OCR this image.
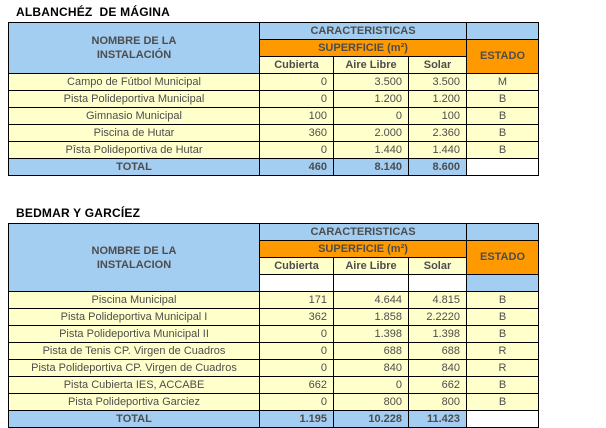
ALBANCHÉZ  DE MÁGINA
NOMBRE DE LA
INSTALACIÓN	CARACTERISTICAS			
	SUPERFICIE (m²)			ESTADO
	Cubierta	Aire Libre	Solar	
Campo de Fútbol Municipal	0	3.500	3.500	M
Pista Polideportiva Municipal	0	1.200	1.200	B
Gimnasio Municipal	100	0	100	B
Piscina de Hutar	360	2.000	2.360	B
Pîsta Polideportiva de Hutar	0	1.440	1.440	B
TOTAL	460	8.140	8.600	
BEDMAR Y GARCÍEZ
NOMBRE DE LA
INSTALACION	CARACTERISTICAS			
	SUPERFICIE (m²)			ESTADO
	Cubierta	Aire Libre	Solar	

Piscina Municipal	171	4.644	4.815	B
Pista Polideportiva Municipal I	362	1.858	2.2220	B
Pista Polideportiva Municipal II	0	1.398	1.398	B
Pista de Tenis CP. Virgen de Cuadros	0	688	688	R
Pista Polideportiva CP. Virgen de Cuadros	0	840	840	R
Pista Cubierta IES, ACCABE	662	0	662	B
Pista Polideportiva Garciez	0	800	800	B
TOTAL	1.195	10.228	11.423	
